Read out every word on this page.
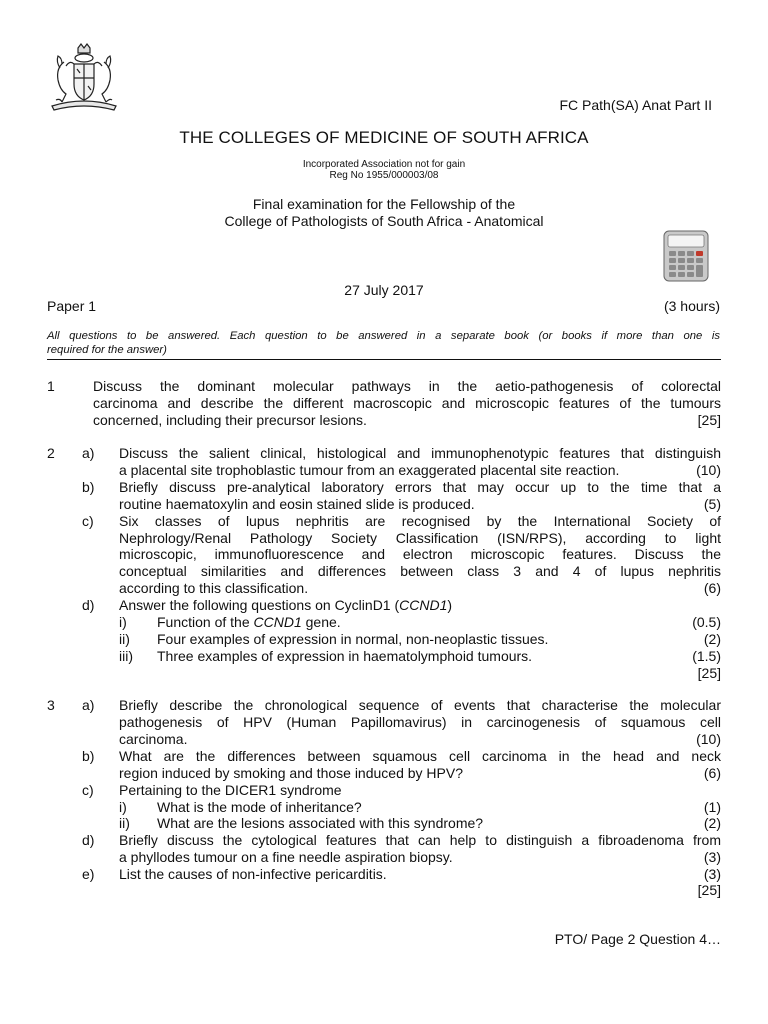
FC Path(SA) Anat Part II
THE COLLEGES OF MEDICINE OF SOUTH AFRICA
Incorporated Association not for gain
Reg No 1955/000003/08
Final examination for the Fellowship of the
College of Pathologists of South Africa - Anatomical
27 July 2017
Paper 1	(3 hours)
All questions to be answered. Each question to be answered in a separate book (or books if more than one is
required for the answer)
1	Discuss the dominant molecular pathways in the aetio-pathogenesis of colorectal
carcinoma and describe the different macroscopic and microscopic features of the tumours
concerned, including their precursor lesions.	[25]
2 a) Discuss the salient clinical, histological and immunophenotypic features that distinguish
a placental site trophoblastic tumour from an exaggerated placental site reaction.	(10)
b) Briefly discuss pre-analytical laboratory errors that may occur up to the time that a
routine haematoxylin and eosin stained slide is produced.	(5)
c) Six classes of lupus nephritis are recognised by the International Society of
Nephrology/Renal Pathology Society Classification (ISN/RPS), according to light
microscopic, immunofluorescence and electron microscopic features. Discuss the
conceptual similarities and differences between class 3 and 4 of lupus nephritis
according to this classification.	(6)
d) Answer the following questions on CyclinD1 (CCND1)
i) Function of the CCND1 gene.	(0.5)
ii) Four examples of expression in normal, non-neoplastic tissues.	(2)
iii) Three examples of expression in haematolymphoid tumours.	(1.5)
[25]
3 a) Briefly describe the chronological sequence of events that characterise the molecular
pathogenesis of HPV (Human Papillomavirus) in carcinogenesis of squamous cell
carcinoma.	(10)
b) What are the differences between squamous cell carcinoma in the head and neck
region induced by smoking and those induced by HPV?	(6)
c) Pertaining to the DICER1 syndrome
i) What is the mode of inheritance?	(1)
ii) What are the lesions associated with this syndrome?	(2)
d) Briefly discuss the cytological features that can help to distinguish a fibroadenoma from
a phyllodes tumour on a fine needle aspiration biopsy.	(3)
e) List the causes of non-infective pericarditis.	(3)
[25]
PTO/ Page 2 Question 4…
